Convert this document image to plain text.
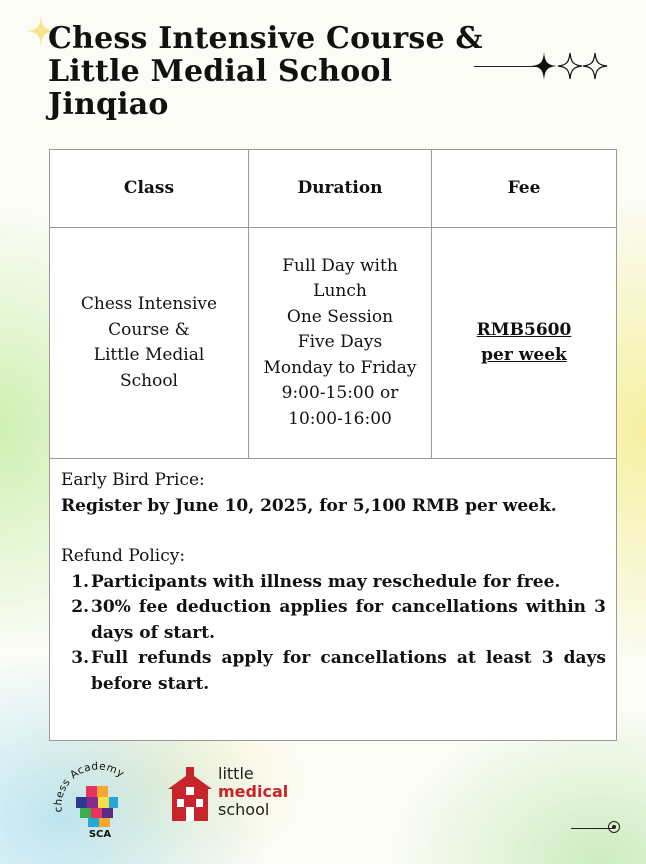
Chess Intensive Course &
Little Medial School
Jinqiao
Class	Duration	Fee
Chess Intensive
Course &
Little Medial
School
Full Day with
Lunch
One Session
Five Days
Monday to Friday
9:00-15:00 or
10:00-16:00
RMB5600
per week
Early Bird Price:
Register by June 10, 2025, for 5,100 RMB per week.
Refund Policy:
1. Participants with illness may reschedule for free.
2. 30% fee deduction applies for cancellations within 3 days of start.
3. Full refunds apply for cancellations at least 3 days before start.
chess Academy
SCA
little
medical
school
